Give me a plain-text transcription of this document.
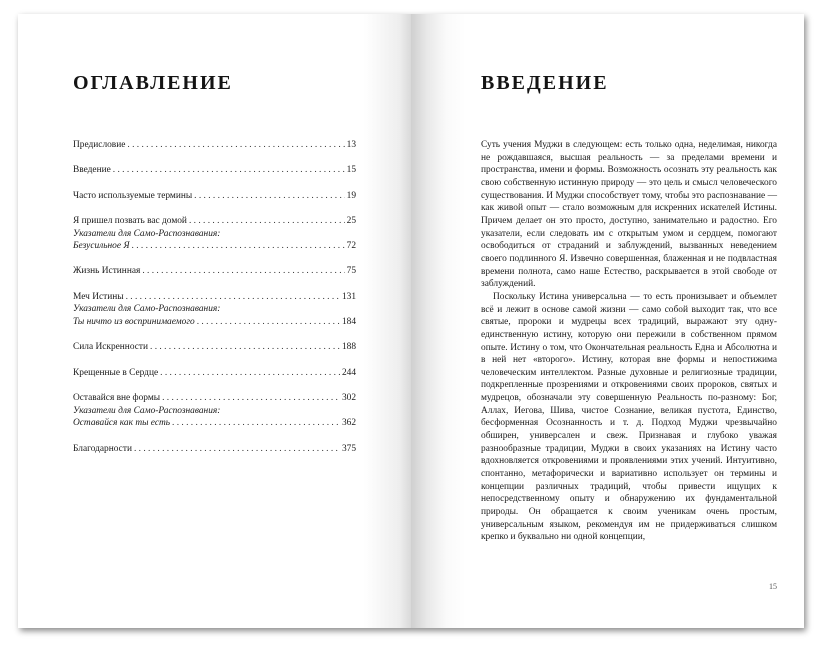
ОГЛАВЛЕНИЕ
Предисловие . . .	13
Введение . . .	15
Часто используемые термины . . .	19
Я пришел позвать вас домой . . .	25
Указатели для Само-Распознавания:
Безусильное Я . . .	72
Жизнь Истинная . . .	75
Меч Истины . . .	131
Указатели для Само-Распознавания:
Ты ничто из воспринимаемого . . .	184
Сила Искренности . . .	188
Крещенные в Сердце . . .	244
Оставайся вне формы . . .	302
Указатели для Само-Распознавания:
Оставайся как ты есть . . .	362
Благодарности . . .	375
ВВЕДЕНИЕ

Суть учения Муджи в следующем: есть только одна, неделимая, никогда не рождавшаяся, высшая реальность — за пределами времени и пространства, имени и формы. Возможность осознать эту реальность как свою собственную истинную природу — это цель и смысл человеческого существования. И Муджи способствует тому, чтобы это распознавание — как живой опыт — стало возможным для искренних искателей Истины. Причем делает он это просто, доступно, занимательно и радостно. Его указатели, если следовать им с открытым умом и сердцем, помогают освободиться от страданий и заблуждений, вызванных неведением своего подлинного Я. Извечно совершенная, блаженная и не подвластная времени полнота, само наше Естество, раскрывается в этой свободе от заблуждений.

Поскольку Истина универсальна — то есть пронизывает и объемлет всё и лежит в основе самой жизни — само собой выходит так, что все святые, пророки и мудрецы всех традиций, выражают эту одну-единственную истину, которую они пережили в собственном прямом опыте. Истину о том, что Окончательная реальность Една и Абсолютна и в ней нет «второго». Истину, которая вне формы и непостижима человеческим интеллектом. Разные духовные и религиозные традиции, подкрепленные прозрениями и откровениями своих пророков, святых и мудрецов, обозначали эту совершенную Реальность по-разному: Бог, Аллах, Иегова, Шива, чистое Сознание, великая пустота, Единство, бесформенная Осознанность и т. д. Подход Муджи чрезвычайно обширен, универсален и свеж. Признавая и глубоко уважая разнообразные традиции, Муджи в своих указаниях на Истину часто вдохновляется откровениями и проявлениями этих учений. Интуитивно, спонтанно, метафорически и вариативно использует он термины и концепции различных традиций, чтобы привести ищущих к непосредственному опыту и обнаружению их фундаментальной природы. Он обращается к своим ученикам очень простым, универсальным языком, рекомендуя им не придерживаться слишком крепко и буквально ни одной концепции,

15
